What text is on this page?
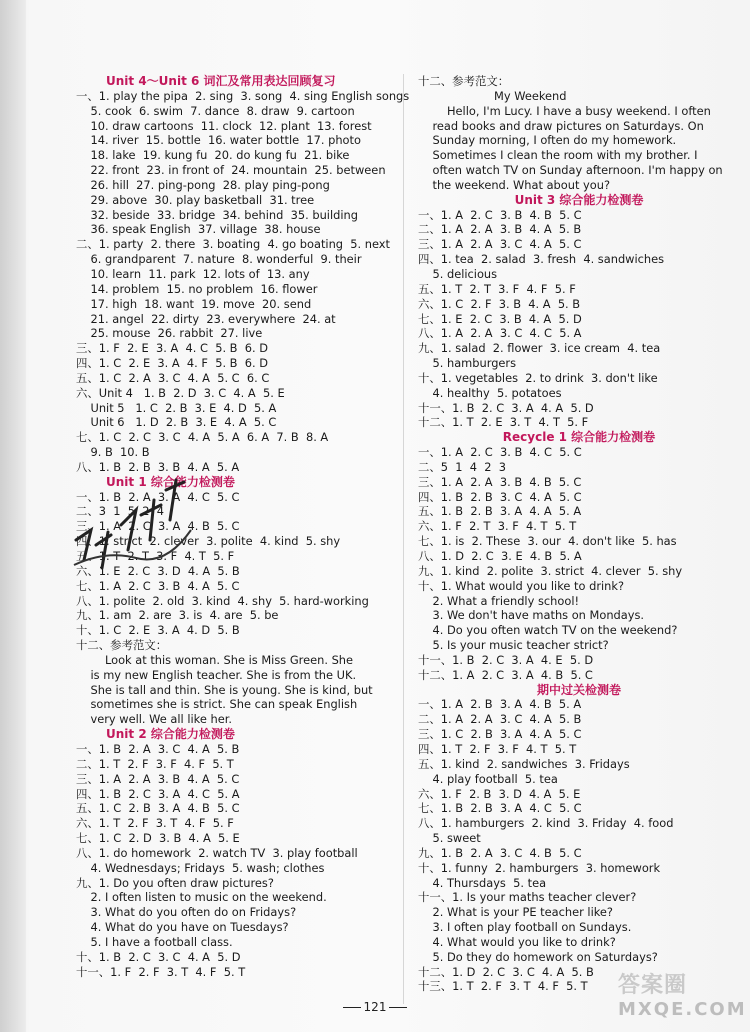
Unit 4～Unit 6 词汇及常用表达回顾复习
一、1. play the pipa  2. sing  3. song  4. sing English songs
5. cook  6. swim  7. dance  8. draw  9. cartoon
10. draw cartoons  11. clock  12. plant  13. forest
14. river  15. bottle  16. water bottle  17. photo
18. lake  19. kung fu  20. do kung fu  21. bike
22. front  23. in front of  24. mountain  25. between
26. hill  27. ping-pong  28. play ping-pong
29. above  30. play basketball  31. tree
32. beside  33. bridge  34. behind  35. building
36. speak English  37. village  38. house
二、1. party  2. there  3. boating  4. go boating  5. next
6. grandparent  7. nature  8. wonderful  9. their
10. learn  11. park  12. lots of  13. any
14. problem  15. no problem  16. flower
17. high  18. want  19. move  20. send
21. angel  22. dirty  23. everywhere  24. at
25. mouse  26. rabbit  27. live
三、1. F  2. E  3. A  4. C  5. B  6. D
四、1. C  2. E  3. A  4. F  5. B  6. D
五、1. C  2. A  3. C  4. A  5. C  6. C
六、Unit 4   1. B  2. D  3. C  4. A  5. E
Unit 5   1. C  2. B  3. E  4. D  5. A
Unit 6   1. D  2. B  3. E  4. A  5. C
七、1. C  2. C  3. C  4. A  5. A  6. A  7. B  8. A
9. B  10. B
八、1. B  2. B  3. B  4. A  5. A
Unit 1 综合能力检测卷
一、1. B  2. A  3. A  4. C  5. C
二、3  1  5  2  4
三、1. A  2. C  3. A  4. B  5. C
四、1. strict  2. clever  3. polite  4. kind  5. shy
五、1. T  2. T  3. F  4. T  5. F
六、1. E  2. C  3. D  4. A  5. B
七、1. A  2. C  3. B  4. A  5. C
八、1. polite  2. old  3. kind  4. shy  5. hard-working
九、1. am  2. are  3. is  4. are  5. be
十、1. C  2. E  3. A  4. D  5. B
十二、参考范文：
Look at this woman. She is Miss Green. She
is my new English teacher. She is from the UK.
She is tall and thin. She is young. She is kind, but
sometimes she is strict. She can speak English
very well. We all like her.
Unit 2 综合能力检测卷
一、1. B  2. A  3. C  4. A  5. B
二、1. T  2. F  3. F  4. F  5. T
三、1. A  2. A  3. B  4. A  5. C
四、1. B  2. C  3. A  4. C  5. A
五、1. C  2. B  3. A  4. B  5. C
六、1. T  2. F  3. T  4. F  5. F
七、1. C  2. D  3. B  4. A  5. E
八、1. do homework  2. watch TV  3. play football
4. Wednesdays; Fridays  5. wash; clothes
九、1. Do you often draw pictures?
2. I often listen to music on the weekend.
3. What do you often do on Fridays?
4. What do you have on Tuesdays?
5. I have a football class.
十、1. B  2. C  3. C  4. A  5. D
十一、1. F  2. F  3. T  4. F  5. T
十二、参考范文：
My Weekend
Hello, I'm Lucy. I have a busy weekend. I often
read books and draw pictures on Saturdays. On
Sunday morning, I often do my homework.
Sometimes I clean the room with my brother. I
often watch TV on Sunday afternoon. I'm happy on
the weekend. What about you?
Unit 3 综合能力检测卷
一、1. A  2. C  3. B  4. B  5. C
二、1. A  2. A  3. B  4. A  5. B
三、1. A  2. A  3. C  4. A  5. C
四、1. tea  2. salad  3. fresh  4. sandwiches
5. delicious
五、1. T  2. T  3. F  4. F  5. F
六、1. C  2. F  3. B  4. A  5. B
七、1. E  2. C  3. B  4. A  5. D
八、1. A  2. A  3. C  4. C  5. A
九、1. salad  2. flower  3. ice cream  4. tea
5. hamburgers
十、1. vegetables  2. to drink  3. don't like
4. healthy  5. potatoes
十一、1. B  2. C  3. A  4. A  5. D
十二、1. T  2. E  3. T  4. T  5. F
Recycle 1 综合能力检测卷
一、1. A  2. C  3. B  4. C  5. C
二、5  1  4  2  3
三、1. A  2. A  3. B  4. B  5. C
四、1. B  2. B  3. C  4. A  5. C
五、1. B  2. B  3. A  4. A  5. A
六、1. F  2. T  3. F  4. T  5. T
七、1. is  2. These  3. our  4. don't like  5. has
八、1. D  2. C  3. E  4. B  5. A
九、1. kind  2. polite  3. strict  4. clever  5. shy
十、1. What would you like to drink?
2. What a friendly school!
3. We don't have maths on Mondays.
4. Do you often watch TV on the weekend?
5. Is your music teacher strict?
十一、1. B  2. C  3. A  4. E  5. D
十二、1. A  2. C  3. A  4. B  5. C
期中过关检测卷
一、1. A  2. B  3. A  4. B  5. A
二、1. A  2. A  3. C  4. A  5. B
三、1. C  2. B  3. A  4. A  5. C
四、1. T  2. F  3. F  4. T  5. T
五、1. kind  2. sandwiches  3. Fridays
4. play football  5. tea
六、1. F  2. B  3. D  4. A  5. E
七、1. B  2. B  3. A  4. C  5. C
八、1. hamburgers  2. kind  3. Friday  4. food
5. sweet
九、1. B  2. A  3. C  4. B  5. C
十、1. funny  2. hamburgers  3. homework
4. Thursdays  5. tea
十一、1. Is your maths teacher clever?
2. What is your PE teacher like?
3. I often play football on Sundays.
4. What would you like to drink?
5. Do they do homework on Saturdays?
十二、1. D  2. C  3. C  4. A  5. B
十三、1. T  2. F  3. T  4. F  5. T
121
答案圈
MXQE.COM
